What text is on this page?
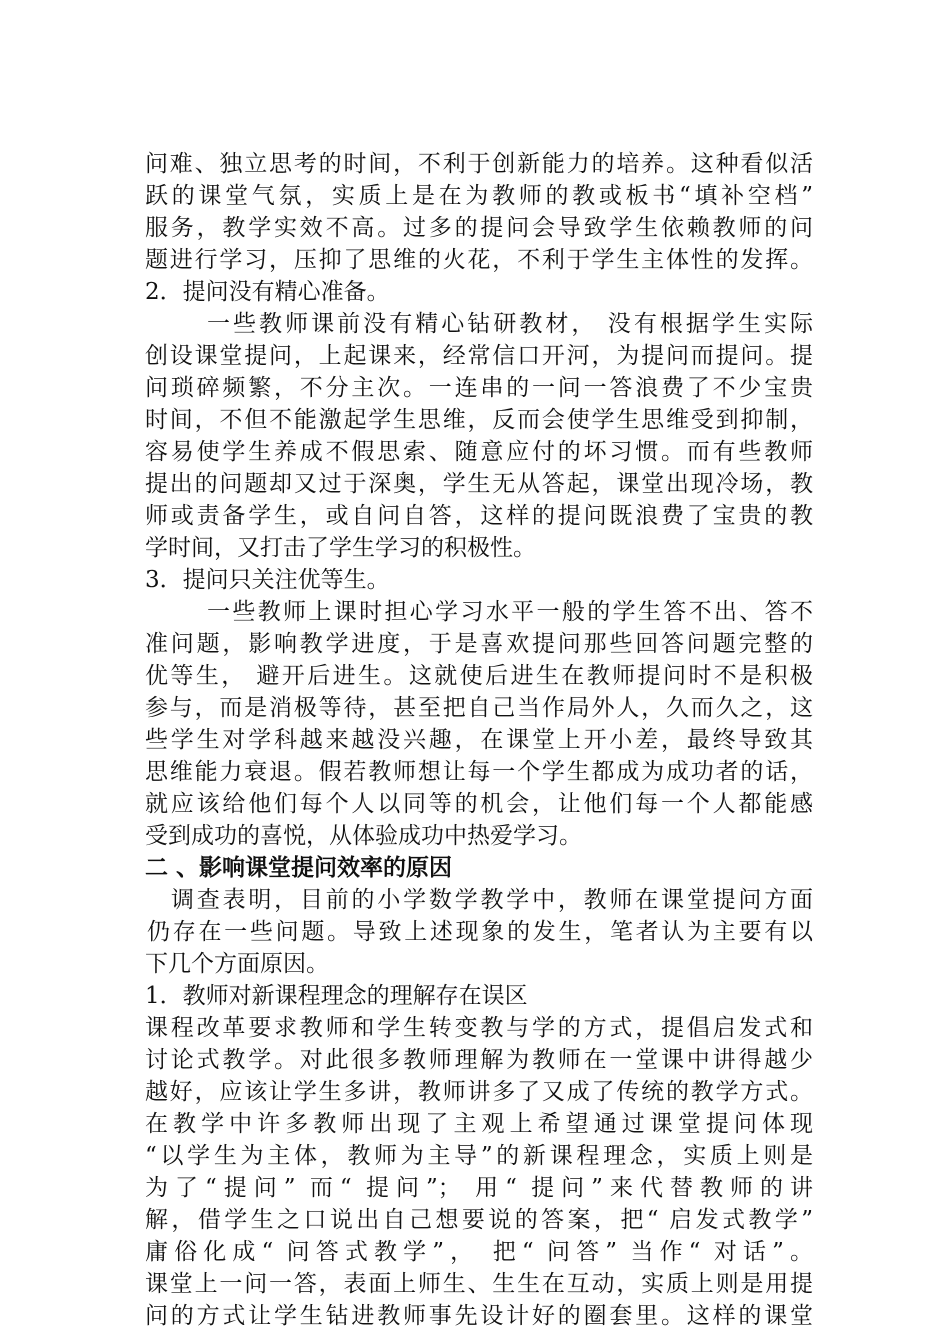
问难、独立思考的时间，不利于创新能力的培养。这种看似活
跃的课堂气氛，实质上是在为教师的教或板书“填补空档”
服务，教学实效不高。过多的提问会导致学生依赖教师的问
题进行学习，压抑了思维的火花，不利于学生主体性的发挥。
2．提问没有精心准备。
一些教师课前没有精心钻研教材， 没有根据学生实际
创设课堂提问，上起课来，经常信口开河，为提问而提问。提
问琐碎频繁，不分主次。一连串的一问一答浪费了不少宝贵
时间，不但不能激起学生思维，反而会使学生思维受到抑制，
容易使学生养成不假思索、随意应付的坏习惯。而有些教师
提出的问题却又过于深奥，学生无从答起，课堂出现冷场，教
师或责备学生，或自问自答，这样的提问既浪费了宝贵的教
学时间，又打击了学生学习的积极性。
3．提问只关注优等生。
一些教师上课时担心学习水平一般的学生答不出、答不
准问题，影响教学进度，于是喜欢提问那些回答问题完整的
优等生， 避开后进生。这就使后进生在教师提问时不是积极
参与，而是消极等待，甚至把自己当作局外人，久而久之，这
些学生对学科越来越没兴趣，在课堂上开小差，最终导致其
思维能力衰退。假若教师想让每一个学生都成为成功者的话，
就应该给他们每个人以同等的机会，让他们每一个人都能感
受到成功的喜悦，从体验成功中热爱学习。
二 、影响课堂提问效率的原因
调查表明，目前的小学数学教学中，教师在课堂提问方面
仍存在一些问题。导致上述现象的发生，笔者认为主要有以
下几个方面原因。
1．教师对新课程理念的理解存在误区
课程改革要求教师和学生转变教与学的方式，提倡启发式和
讨论式教学。对此很多教师理解为教师在一堂课中讲得越少
越好，应该让学生多讲，教师讲多了又成了传统的教学方式。
在教学中许多教师出现了主观上希望通过课堂提问体现
“以学生为主体，教师为主导”的新课程理念，实质上则是
为了“提问” 而“ 提问”； 用“ 提问”来代替教师的讲
解，借学生之口说出自己想要说的答案，把“ 启发式教学”
庸俗化成“ 问答式教学”， 把“ 问答” 当作“ 对话”。
课堂上一问一答，表面上师生、生生在互动，实质上则是用提
问的方式让学生钻进教师事先设计好的圈套里。这样的课堂
